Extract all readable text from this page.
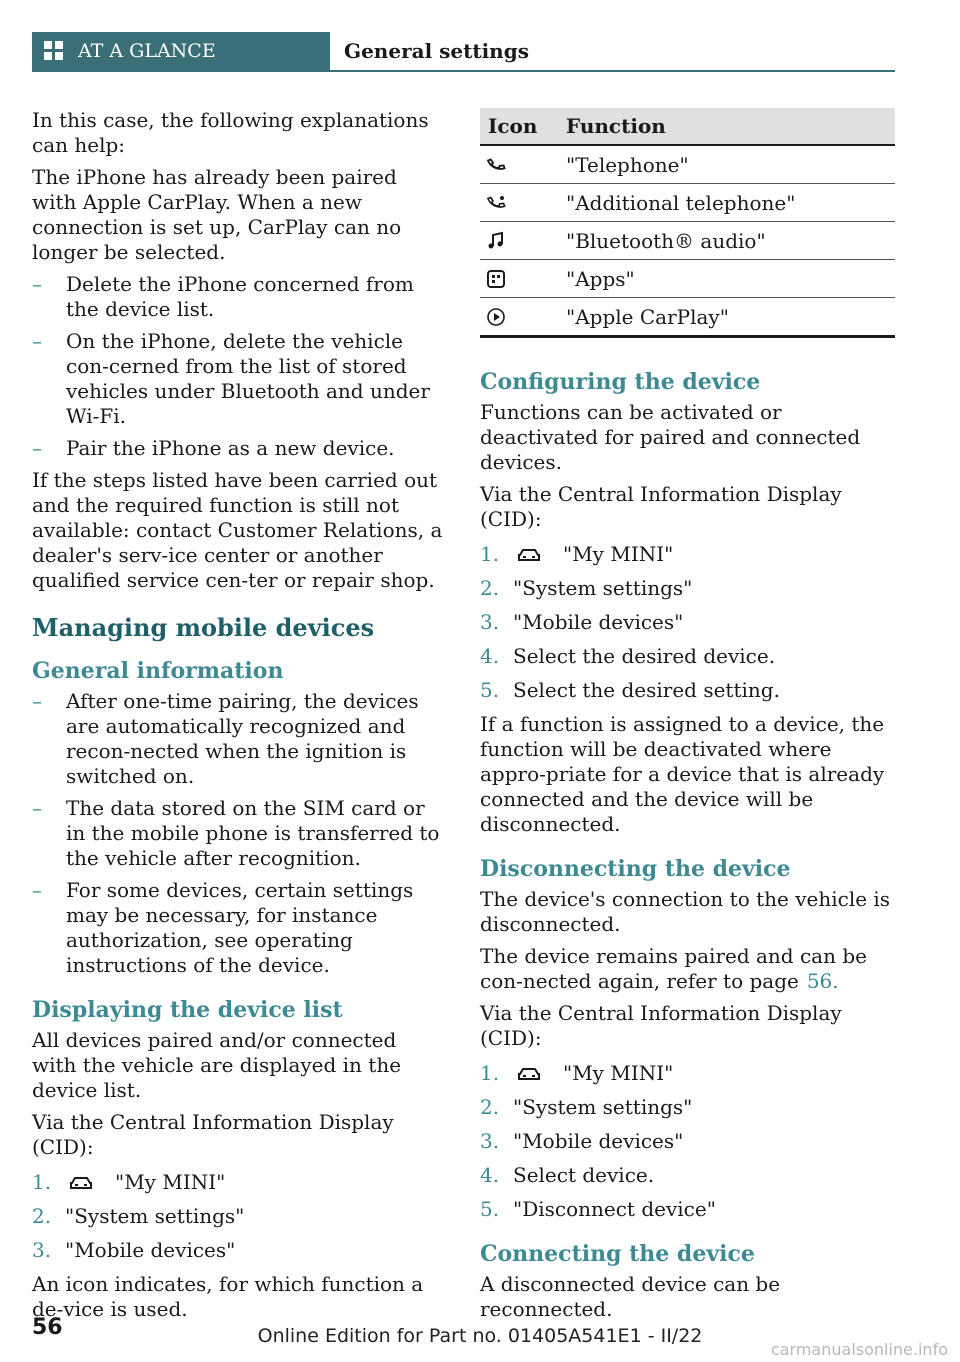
AT A GLANCE	General settings

In this case, the following explanations can help:

The iPhone has already been paired with Apple CarPlay. When a new connection is set up, CarPlay can no longer be selected.

– Delete the iPhone concerned from the device list.
– On the iPhone, delete the vehicle con‐cerned from the list of stored vehicles under Bluetooth and under Wi-Fi.
– Pair the iPhone as a new device.

If the steps listed have been carried out and the required function is still not available: contact Customer Relations, a dealer's serv‐ice center or another qualified service cen‐ter or repair shop.

Managing mobile devices
General information
– After one-time pairing, the devices are automatically recognized and recon‐nected when the ignition is switched on.
– The data stored on the SIM card or in the mobile phone is transferred to the vehicle after recognition.
– For some devices, certain settings may be necessary, for instance authorization, see operating instructions of the device.
Displaying the device list

All devices paired and/or connected with the vehicle are displayed in the device list.

Via the Central Information Display (CID):

1.	"My MINI"
2. "System settings"
3. "Mobile devices"

An icon indicates, for which function a de‐vice is used.

Icon	Function

	"Telephone"

	"Additional telephone"

	"Bluetooth® audio"

	"Apps"

	"Apple CarPlay"
Configuring the device

Functions can be activated or deactivated for paired and connected devices.

Via the Central Information Display (CID):

1.	"My MINI"
2. "System settings"
3. "Mobile devices"
4. Select the desired device.
5. Select the desired setting.

If a function is assigned to a device, the function will be deactivated where appro‐priate for a device that is already connected and the device will be disconnected.

Disconnecting the device

The device's connection to the vehicle is disconnected.

The device remains paired and can be con‐nected again, refer to page 56.

Via the Central Information Display (CID):

1.	"My MINI"
2. "System settings"
3. "Mobile devices"
4. Select device.
5. "Disconnect device"
Connecting the device

A disconnected device can be reconnected.

56	Online Edition for Part no. 01405A541E1 - II/22
carmanualsonline.info
